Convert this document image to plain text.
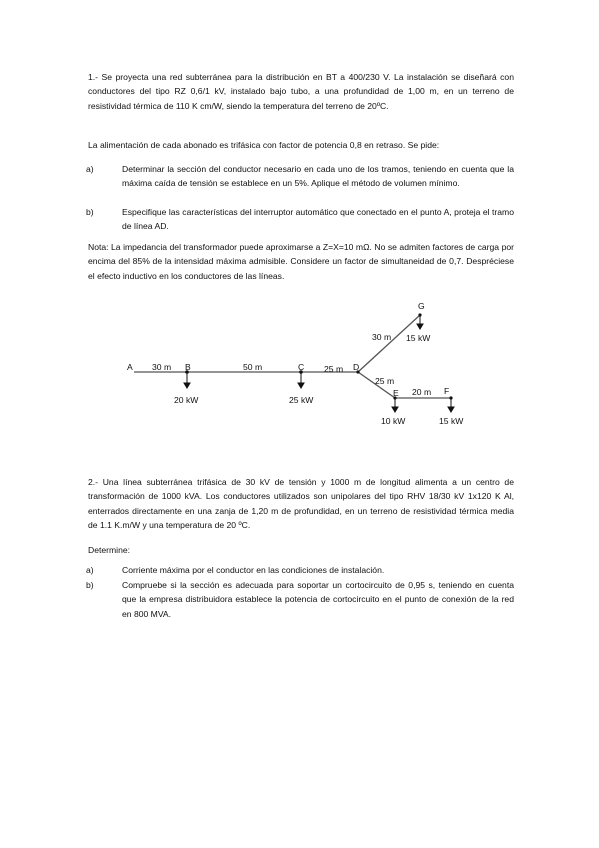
1.- Se proyecta una red subterránea para la distribución en BT a 400/230 V. La instalación se diseñará con conductores del tipo RZ 0,6/1 kV, instalado bajo tubo, a una profundidad de 1,00 m, en un terreno de resistividad térmica de 110 K cm/W, siendo la temperatura del terreno de 20ºC.

La alimentación de cada abonado es trifásica con factor de potencia 0,8 en retraso. Se pide:

a)	Determinar la sección del conductor necesario en cada uno de los tramos, teniendo en cuenta que la máxima caída de tensión se establece en un 5%. Aplique el método de volumen mínimo.
b)	Especifique las características del interruptor automático que conectado en el punto A, proteja el tramo de línea AD.

Nota: La impedancia del transformador puede aproximarse a Z=X=10 mΩ. No se admiten factores de carga por encima del 85% de la intensidad máxima admisible. Considere un factor de simultaneidad de 0,7. Despréciese el efecto inductivo en los conductores de las líneas.

A	B	C	D
E	F
G
30 m	50 m	25 m
25 m
20 m
30 m
20 kW	25 kW
10 kW	15 kW
15 kW

2.- Una línea subterránea trifásica de 30 kV de tensión y 1000 m de longitud alimenta a un centro de transformación de 1000 kVA. Los conductores utilizados son unipolares del tipo RHV 18/30 kV 1x120 K Al, enterrados directamente en una zanja de 1,20 m de profundidad, en un terreno de resistividad térmica media de 1.1 K.m/W y una temperatura de 20 ºC.

Determine:

a)	Corriente máxima por el conductor en las condiciones de instalación.
b)	Compruebe si la sección es adecuada para soportar un cortocircuito de 0,95 s, teniendo en cuenta que la empresa distribuidora establece la potencia de cortocircuito en el punto de conexión de la red en 800 MVA.
